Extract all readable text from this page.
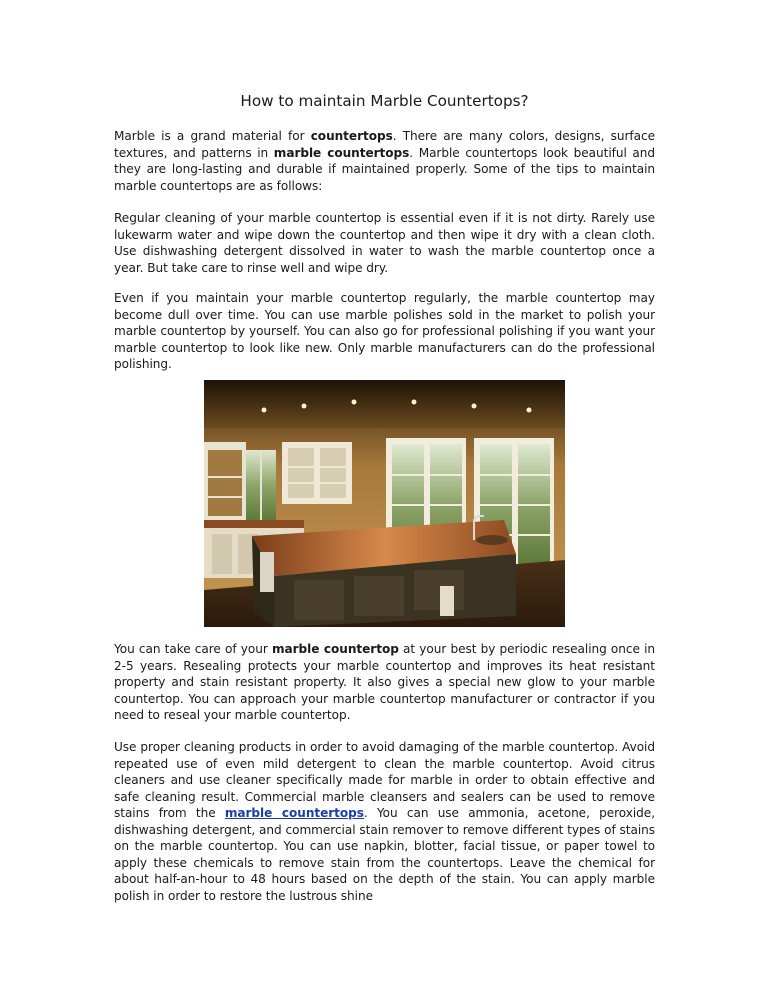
How to maintain Marble Countertops?

Marble is a grand material for countertops. There are many colors, designs, surface textures, and patterns in marble countertops. Marble countertops look beautiful and they are long-lasting and durable if maintained properly. Some of the tips to maintain marble countertops are as follows:

Regular cleaning of your marble countertop is essential even if it is not dirty. Rarely use lukewarm water and wipe down the countertop and then wipe it dry with a clean cloth. Use dishwashing detergent dissolved in water to wash the marble countertop once a year. But take care to rinse well and wipe dry.

Even if you maintain your marble countertop regularly, the marble countertop may become dull over time. You can use marble polishes sold in the market to polish your marble countertop by yourself. You can also go for professional polishing if you want your marble countertop to look like new. Only marble manufacturers can do the professional polishing.

You can take care of your marble countertop at your best by periodic resealing once in 2-5 years. Resealing protects your marble countertop and improves its heat resistant property and stain resistant property. It also gives a special new glow to your marble countertop. You can approach your marble countertop manufacturer or contractor if you need to reseal your marble countertop.

Use proper cleaning products in order to avoid damaging of the marble countertop. Avoid repeated use of even mild detergent to clean the marble countertop. Avoid citrus cleaners and use cleaner specifically made for marble in order to obtain effective and safe cleaning result. Commercial marble cleansers and sealers can be used to remove stains from the marble countertops. You can use ammonia, acetone, peroxide, dishwashing detergent, and commercial stain remover to remove different types of stains on the marble countertop. You can use napkin, blotter, facial tissue, or paper towel to apply these chemicals to remove stain from the countertops. Leave the chemical for about half-an-hour to 48 hours based on the depth of the stain. You can apply marble polish in order to restore the lustrous shine
